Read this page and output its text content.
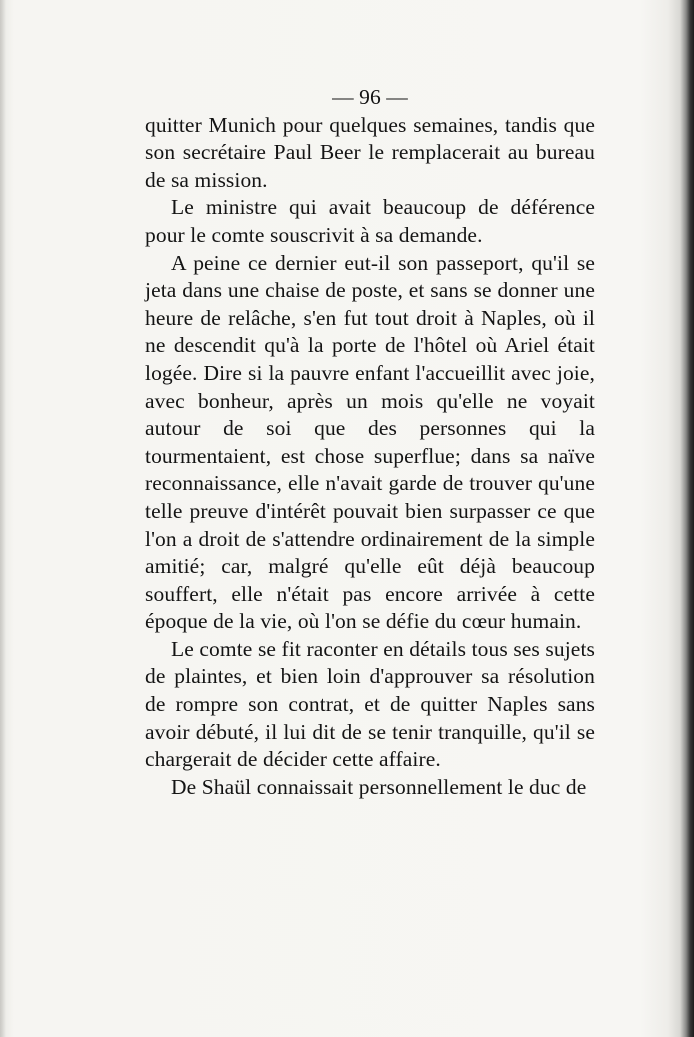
— 96 —

quitter Munich pour quelques semaines, tandis que son secrétaire Paul Beer le remplacerait au bureau de sa mission.

Le ministre qui avait beaucoup de déférence pour le comte souscrivit à sa demande.

A peine ce dernier eut-il son passeport, qu'il se jeta dans une chaise de poste, et sans se donner une heure de relâche, s'en fut tout droit à Naples, où il ne descendit qu'à la porte de l'hôtel où Ariel était logée. Dire si la pauvre enfant l'accueillit avec joie, avec bonheur, après un mois qu'elle ne voyait autour de soi que des personnes qui la tourmentaient, est chose superflue; dans sa naïve reconnaissance, elle n'avait garde de trouver qu'une telle preuve d'intérêt pouvait bien surpasser ce que l'on a droit de s'attendre ordinairement de la simple amitié; car, malgré qu'elle eût déjà beaucoup souffert, elle n'était pas encore arrivée à cette époque de la vie, où l'on se défie du cœur humain.

Le comte se fit raconter en détails tous ses sujets de plaintes, et bien loin d'approuver sa résolution de rompre son contrat, et de quitter Naples sans avoir débuté, il lui dit de se tenir tranquille, qu'il se chargerait de décider cette affaire.

De Shaül connaissait personnellement le duc de
